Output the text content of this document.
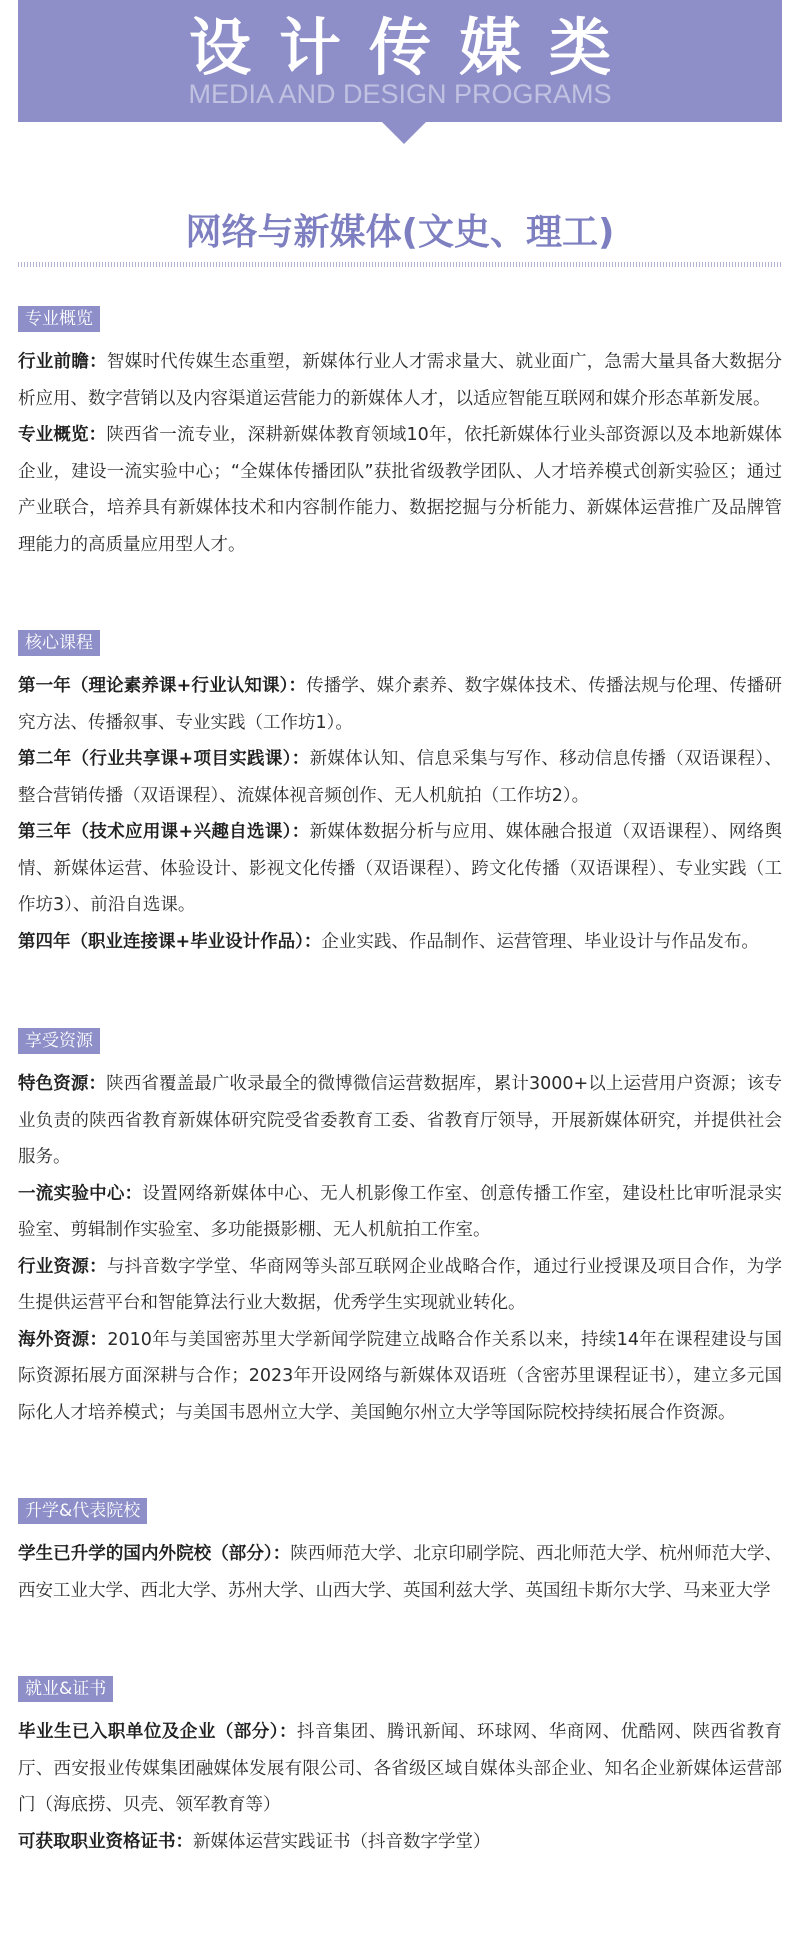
MEDIA AND DESIGN PROGRAMS
设计传媒类
网络与新媒体(文史、理工)
专业概览

行业前瞻：智媒时代传媒生态重塑，新媒体行业人才需求量大、就业面广，急需大量具备大数据分析应用、数字营销以及内容渠道运营能力的新媒体人才，以适应智能互联网和媒介形态革新发展。

专业概览：陕西省一流专业，深耕新媒体教育领域10年，依托新媒体行业头部资源以及本地新媒体企业，建设一流实验中心；“全媒体传播团队”获批省级教学团队、人才培养模式创新实验区；通过产业联合，培养具有新媒体技术和内容制作能力、数据挖掘与分析能力、新媒体运营推广及品牌管理能力的高质量应用型人才。

核心课程

第一年（理论素养课+行业认知课）：传播学、媒介素养、数字媒体技术、传播法规与伦理、传播研究方法、传播叙事、专业实践（工作坊1）。

第二年（行业共享课+项目实践课）：新媒体认知、信息采集与写作、移动信息传播（双语课程）、整合营销传播（双语课程）、流媒体视音频创作、无人机航拍（工作坊2）。

第三年（技术应用课+兴趣自选课）：新媒体数据分析与应用、媒体融合报道（双语课程）、网络舆情、新媒体运营、体验设计、影视文化传播（双语课程）、跨文化传播（双语课程）、专业实践（工作坊3）、前沿自选课。

第四年（职业连接课+毕业设计作品）：企业实践、作品制作、运营管理、毕业设计与作品发布。

享受资源

特色资源：陕西省覆盖最广收录最全的微博微信运营数据库，累计3000+以上运营用户资源；该专业负责的陕西省教育新媒体研究院受省委教育工委、省教育厅领导，开展新媒体研究，并提供社会服务。

一流实验中心：设置网络新媒体中心、无人机影像工作室、创意传播工作室，建设杜比审听混录实验室、剪辑制作实验室、多功能摄影棚、无人机航拍工作室。

行业资源：与抖音数字学堂、华商网等头部互联网企业战略合作，通过行业授课及项目合作，为学生提供运营平台和智能算法行业大数据，优秀学生实现就业转化。

海外资源：2010年与美国密苏里大学新闻学院建立战略合作关系以来，持续14年在课程建设与国际资源拓展方面深耕与合作；2023年开设网络与新媒体双语班（含密苏里课程证书），建立多元国际化人才培养模式；与美国韦恩州立大学、美国鲍尔州立大学等国际院校持续拓展合作资源。

升学&代表院校

学生已升学的国内外院校（部分）：陕西师范大学、北京印刷学院、西北师范大学、杭州师范大学、西安工业大学、西北大学、苏州大学、山西大学、英国利兹大学、英国纽卡斯尔大学、马来亚大学

就业&证书

毕业生已入职单位及企业（部分）：抖音集团、腾讯新闻、环球网、华商网、优酷网、陕西省教育厅、西安报业传媒集团融媒体发展有限公司、各省级区域自媒体头部企业、知名企业新媒体运营部门（海底捞、贝壳、领军教育等）

可获取职业资格证书：新媒体运营实践证书（抖音数字学堂）
